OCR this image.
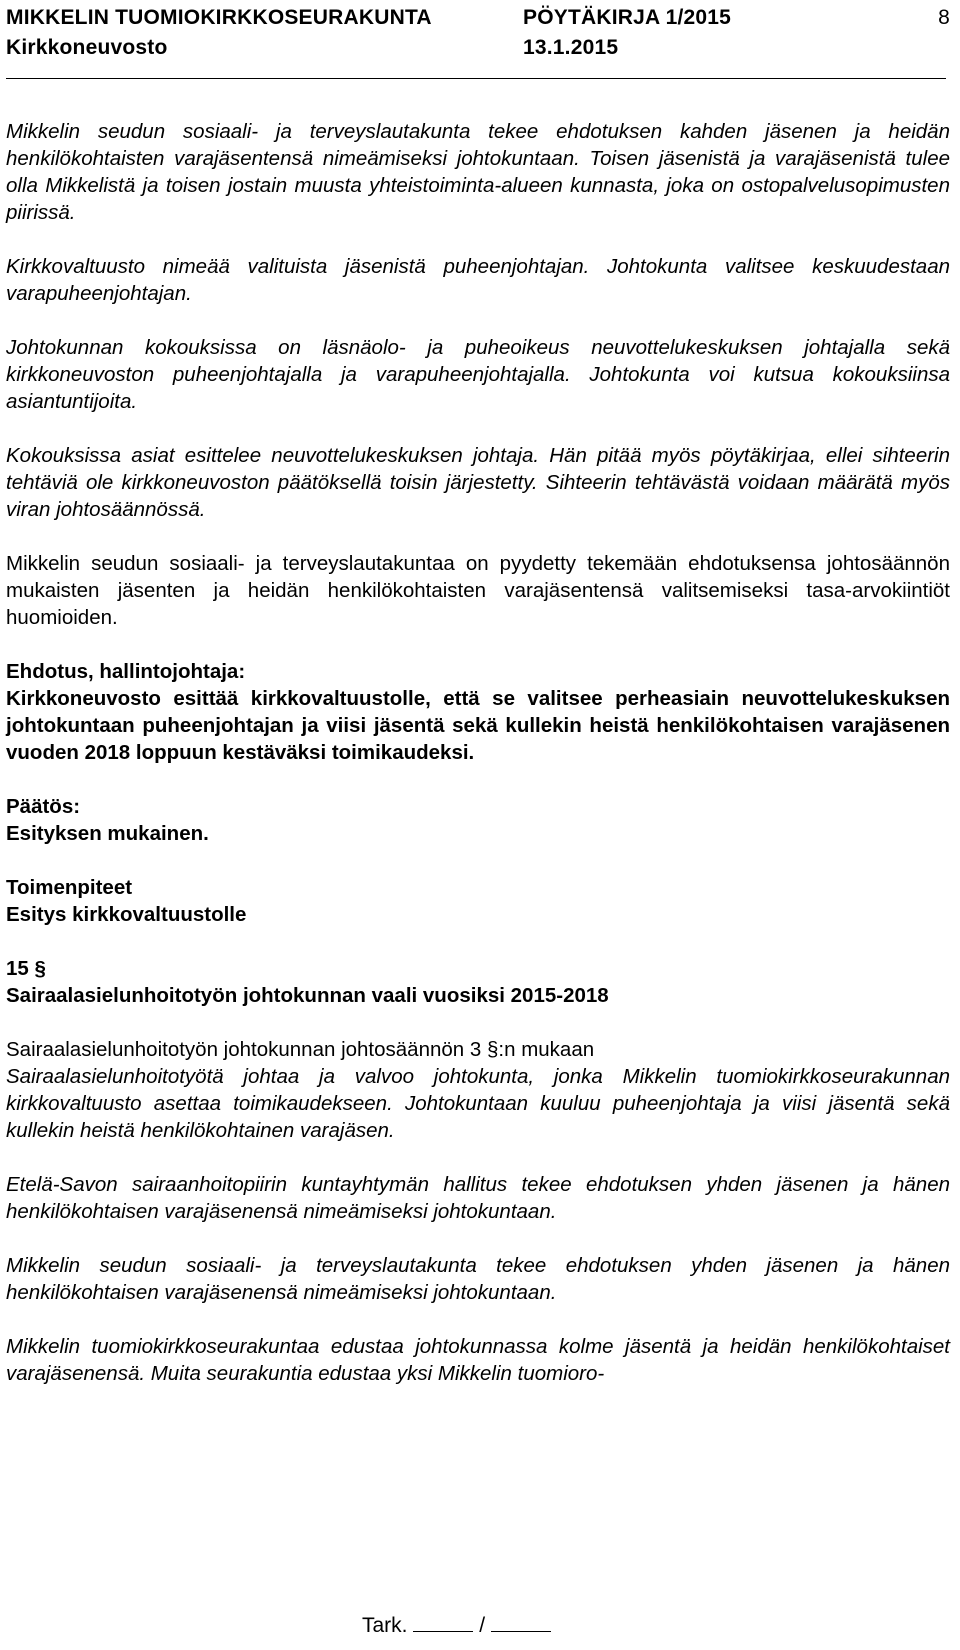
MIKKELIN TUOMIOKIRKKOSEURAKUNTA	PÖYTÄKIRJA 1/2015	8
Kirkkoneuvosto	13.1.2015

Mikkelin seudun sosiaali- ja terveyslautakunta tekee ehdotuksen kahden jäsenen ja heidän henkilökohtaisten varajäsentensä nimeämiseksi johtokuntaan. Toisen jäsenistä ja varajäsenistä tulee olla Mikkelistä ja toisen jostain muusta yhteistoiminta-alueen kunnasta, joka on ostopalvelusopimusten piirissä.

Kirkkovaltuusto nimeää valituista jäsenistä puheenjohtajan. Johtokunta valitsee keskuudestaan varapuheenjohtajan.

Johtokunnan kokouksissa on läsnäolo- ja puheoikeus neuvottelukeskuksen johtajalla sekä kirkkoneuvoston puheenjohtajalla ja varapuheenjohtajalla. Johtokunta voi kutsua kokouksiinsa asiantuntijoita.

Kokouksissa asiat esittelee neuvottelukeskuksen johtaja. Hän pitää myös pöytäkirjaa, ellei sihteerin tehtäviä ole kirkkoneuvoston päätöksellä toisin järjestetty. Sihteerin tehtävästä voidaan määrätä myös viran johtosäännössä.

Mikkelin seudun sosiaali- ja terveyslautakuntaa on pyydetty tekemään ehdotuksensa johtosäännön mukaisten jäsenten ja heidän henkilökohtaisten varajäsentensä valitsemiseksi tasa-arvokiintiöt huomioiden.

Ehdotus, hallintojohtaja:

Kirkkoneuvosto esittää kirkkovaltuustolle, että se valitsee perheasiain neuvottelukeskuksen johtokuntaan puheenjohtajan ja viisi jäsentä sekä kullekin heistä henkilökohtaisen varajäsenen vuoden 2018 loppuun kestäväksi toimikaudeksi.

Päätös:

Esityksen mukainen.

Toimenpiteet

Esitys kirkkovaltuustolle

15 §

Sairaalasielunhoitotyön johtokunnan vaali vuosiksi 2015-2018

Sairaalasielunhoitotyön johtokunnan johtosäännön 3 §:n mukaan

Sairaalasielunhoitotyötä johtaa ja valvoo johtokunta, jonka Mikkelin tuomiokirkkoseurakunnan kirkkovaltuusto asettaa toimikaudekseen. Johtokuntaan kuuluu puheenjohtaja ja viisi jäsentä sekä kullekin heistä henkilökohtainen varajäsen.

Etelä-Savon sairaanhoitopiirin kuntayhtymän hallitus tekee ehdotuksen yhden jäsenen ja hänen henkilökohtaisen varajäsenensä nimeämiseksi johtokuntaan.

Mikkelin seudun sosiaali- ja terveyslautakunta tekee ehdotuksen yhden jäsenen ja hänen henkilökohtaisen varajäsenensä nimeämiseksi johtokuntaan.

Mikkelin tuomiokirkkoseurakuntaa edustaa johtokunnassa kolme jäsentä ja heidän henkilökohtaiset varajäsenensä. Muita seurakuntia edustaa yksi Mikkelin tuomioro-

Tark.	/
